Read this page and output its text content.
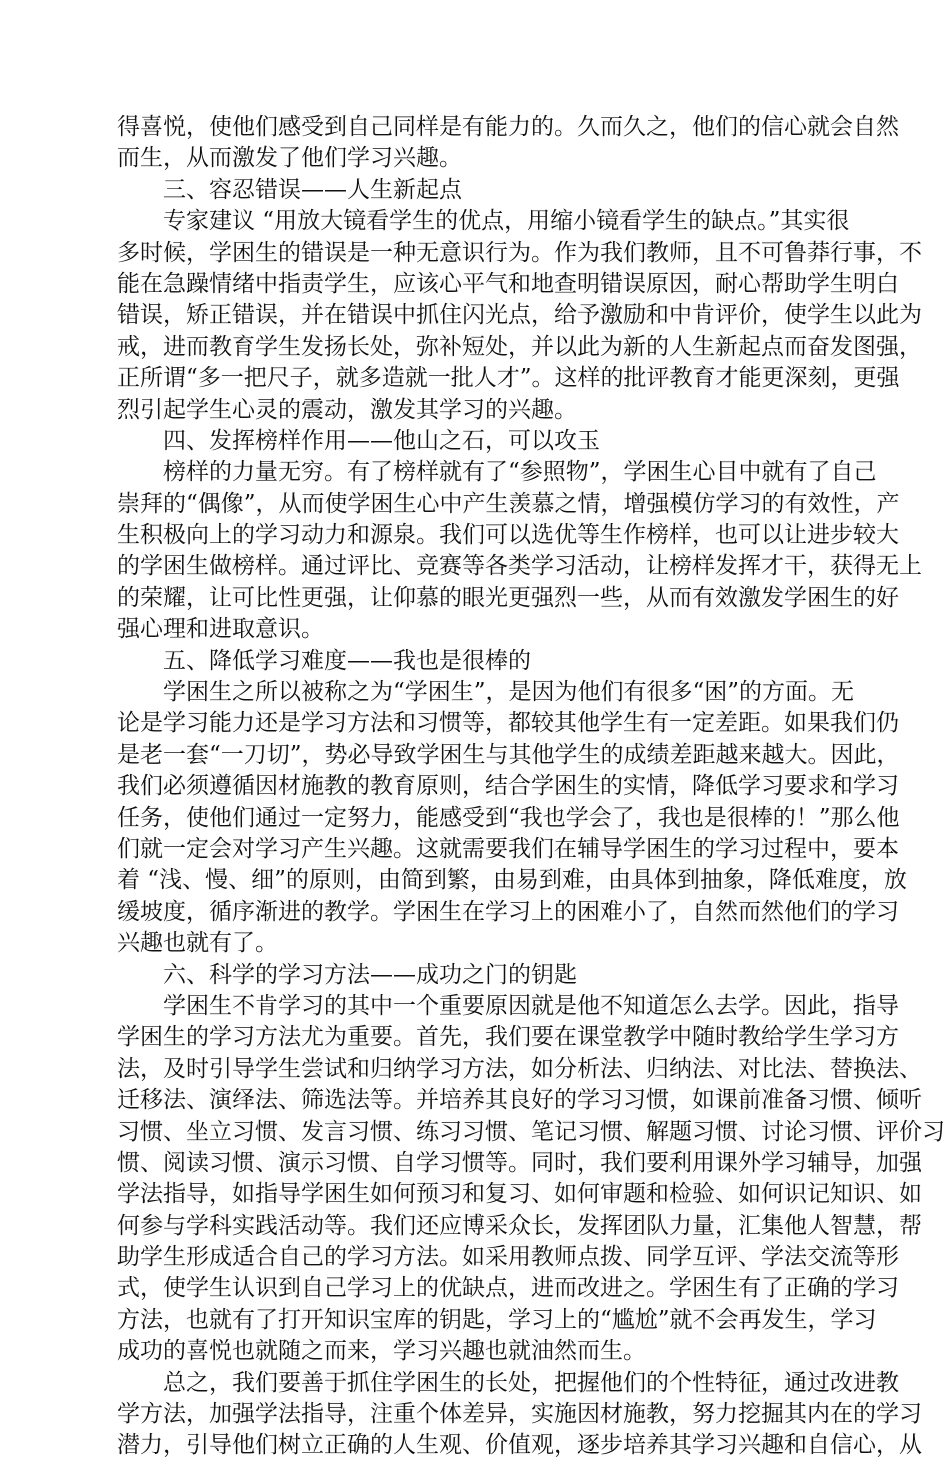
得喜悦，使他们感受到自己同样是有能力的。久而久之，他们的信心就会自然
而生，从而激发了他们学习兴趣。
三、容忍错误——人生新起点
专家建议 “用放大镜看学生的优点，用缩小镜看学生的缺点。”其实很
多时候，学困生的错误是一种无意识行为。作为我们教师，且不可鲁莽行事，不
能在急躁情绪中指责学生，应该心平气和地查明错误原因，耐心帮助学生明白
错误，矫正错误，并在错误中抓住闪光点，给予激励和中肯评价，使学生以此为
戒，进而教育学生发扬长处，弥补短处，并以此为新的人生新起点而奋发图强，
正所谓“多一把尺子，就多造就一批人才”。这样的批评教育才能更深刻，更强
烈引起学生心灵的震动，激发其学习的兴趣。
四、发挥榜样作用——他山之石，可以攻玉
榜样的力量无穷。有了榜样就有了“参照物”，学困生心目中就有了自己
崇拜的“偶像”，从而使学困生心中产生羡慕之情，增强模仿学习的有效性，产
生积极向上的学习动力和源泉。我们可以选优等生作榜样，也可以让进步较大
的学困生做榜样。通过评比、竞赛等各类学习活动，让榜样发挥才干，获得无上
的荣耀，让可比性更强，让仰慕的眼光更强烈一些，从而有效激发学困生的好
强心理和进取意识。
五、降低学习难度——我也是很棒的
学困生之所以被称之为“学困生”，是因为他们有很多“困”的方面。无
论是学习能力还是学习方法和习惯等，都较其他学生有一定差距。如果我们仍
是老一套“一刀切”，势必导致学困生与其他学生的成绩差距越来越大。因此，
我们必须遵循因材施教的教育原则，结合学困生的实情，降低学习要求和学习
任务，使他们通过一定努力，能感受到“我也学会了，我也是很棒的！”那么他
们就一定会对学习产生兴趣。这就需要我们在辅导学困生的学习过程中，要本
着 “浅、慢、细”的原则，由简到繁，由易到难，由具体到抽象，降低难度，放
缓坡度，循序渐进的教学。学困生在学习上的困难小了，自然而然他们的学习
兴趣也就有了。
六、科学的学习方法——成功之门的钥匙
学困生不肯学习的其中一个重要原因就是他不知道怎么去学。因此，指导
学困生的学习方法尤为重要。首先，我们要在课堂教学中随时教给学生学习方
法，及时引导学生尝试和归纳学习方法，如分析法、归纳法、对比法、替换法、
迁移法、演绎法、筛选法等。并培养其良好的学习习惯，如课前准备习惯、倾听
习惯、坐立习惯、发言习惯、练习习惯、笔记习惯、解题习惯、讨论习惯、评价习
惯、阅读习惯、演示习惯、自学习惯等。同时，我们要利用课外学习辅导，加强
学法指导，如指导学困生如何预习和复习、如何审题和检验、如何识记知识、如
何参与学科实践活动等。我们还应博采众长，发挥团队力量，汇集他人智慧，帮
助学生形成适合自己的学习方法。如采用教师点拨、同学互评、学法交流等形
式，使学生认识到自己学习上的优缺点，进而改进之。学困生有了正确的学习
方法，也就有了打开知识宝库的钥匙，学习上的“尴尬”就不会再发生，学习
成功的喜悦也就随之而来，学习兴趣也就油然而生。
总之，我们要善于抓住学困生的长处，把握他们的个性特征，通过改进教
学方法，加强学法指导，注重个体差异，实施因材施教，努力挖掘其内在的学习
潜力，引导他们树立正确的人生观、价值观，逐步培养其学习兴趣和自信心，从
